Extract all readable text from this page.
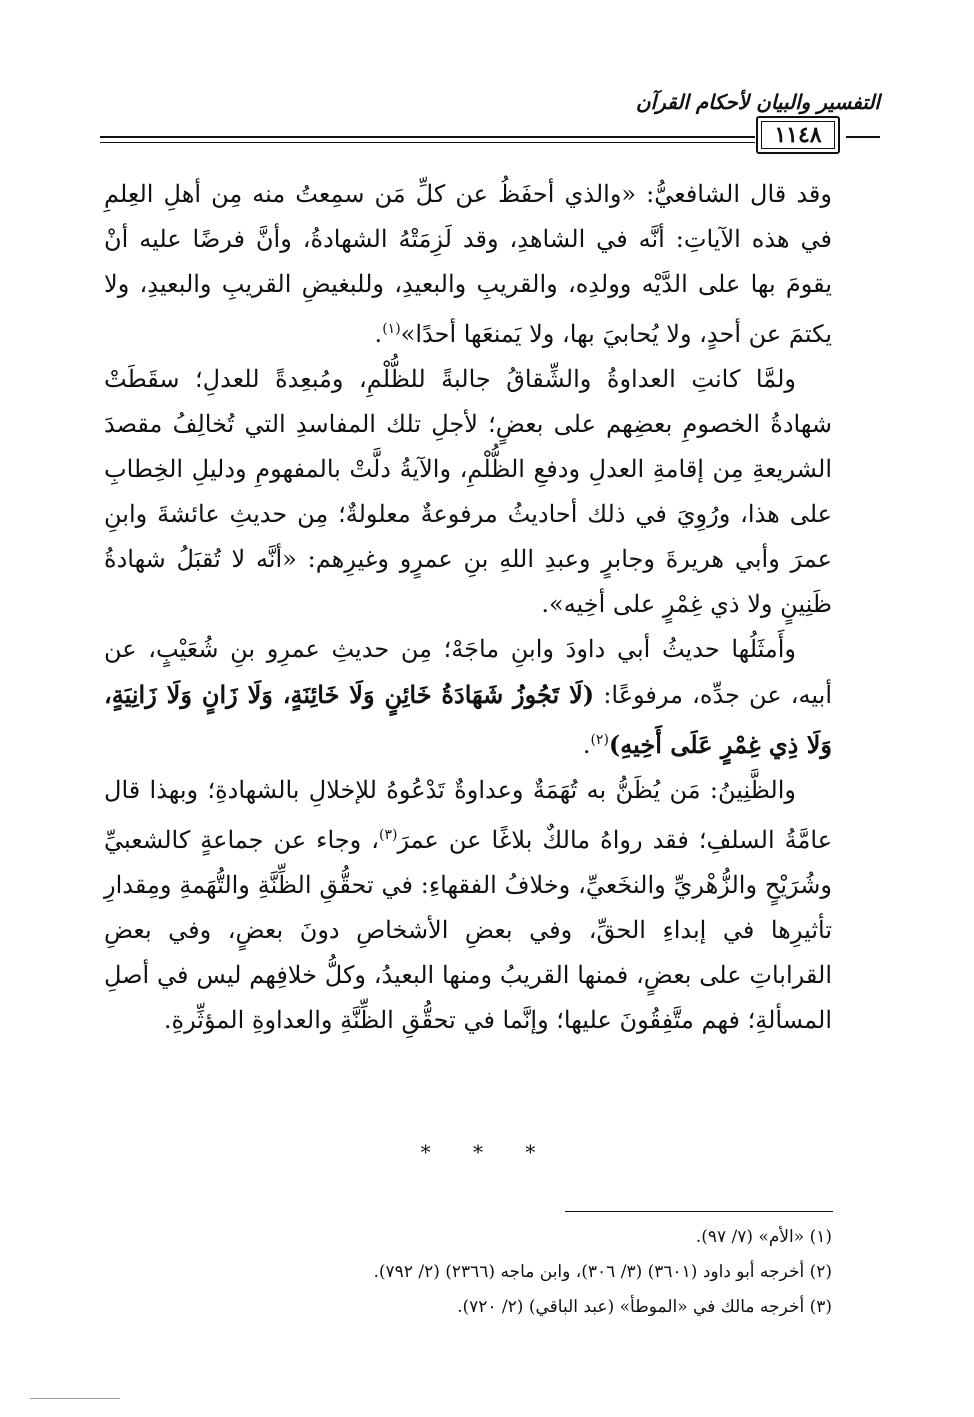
التفسير والبيان لأحكام القرآن
١١٤٨

وقد قال الشافعيُّ: «والذي أحفَظُ عن كلِّ مَن سمِعتُ منه مِن أهلِ العِلمِ في هذه الآياتِ: أنَّه في الشاهدِ، وقد لَزِمَتْهُ الشهادةُ، وأنَّ فرضًا عليه أنْ يقومَ بها على الدَّيْه وولدِه، والقريبِ والبعيدِ، وللبغيضِ القريبِ والبعيدِ، ولا يكتمَ عن أحدٍ، ولا يُحابيَ بها، ولا يَمنعَها أحدًا»$^{(١)}$.

ولمَّا كانتِ العداوةُ والشِّقاقُ جالبةً للظُّلْمِ، ومُبعِدةً للعدلِ؛ سقَطَتْ شهادةُ الخصومِ بعضِهم على بعضٍ؛ لأجلِ تلك المفاسدِ التي تُخالِفُ مقصدَ الشريعةِ مِن إقامةِ العدلِ ودفعِ الظُّلْمِ، والآيةُ دلَّتْ بالمفهومِ ودليلِ الخِطابِ على هذا، ورُوِيَ في ذلك أحاديثُ مرفوعةٌ معلولةٌ؛ مِن حديثِ عائشةَ وابنِ عمرَ وأبي هريرةَ وجابرٍ وعبدِ اللهِ بنِ عمرٍو وغيرِهم: «أنَّه لا تُقبَلُ شهادةُ ظَنِينٍ ولا ذي غِمْرٍ على أخِيه».

وأَمثَلُها حديثُ أبي داودَ وابنِ ماجَهْ؛ مِن حديثِ عمرِو بنِ شُعَيْبٍ، عن أبيه، عن جدِّه، مرفوعًا: (لَا تَجُوزُ شَهَادَةُ خَائِنٍ وَلَا خَائِنَةٍ، وَلَا زَانٍ وَلَا زَانِيَةٍ، وَلَا ذِي غِمْرٍ عَلَى أَخِيهِ)$^{(٢)}$.

والظَّنِينُ: مَن يُظَنُّ به تُهَمَةٌ وعداوةٌ تَدْعُوهُ للإخلالِ بالشهادةِ؛ وبهذا قال عامَّةُ السلفِ؛ فقد رواهُ مالكٌ بلاغًا عن عمرَ$^{(٣)}$، وجاء عن جماعةٍ كالشعبيِّ وشُرَيْحٍ والزُّهْريِّ والنخَعيِّ، وخلافُ الفقهاءِ: في تحقُّقِ الظِّنَّةِ والتُّهَمةِ ومِقدارِ تأثيرِها في إبداءِ الحقِّ، وفي بعضِ الأشخاصِ دونَ بعضٍ، وفي بعضِ القراباتِ على بعضٍ، فمنها القريبُ ومنها البعيدُ، وكلُّ خلافِهم ليس في أصلِ المسألةِ؛ فهم متَّفِقُونَ عليها؛ وإنَّما في تحقُّقِ الظِّنَّةِ والعداوةِ المؤثِّرةِ.

* * *

(١) «الأم» (٧/ ٩٧).

(٢) أخرجه أبو داود (٣٦٠١) (٣/ ٣٠٦)، وابن ماجه (٢٣٦٦) (٢/ ٧٩٢).

(٣) أخرجه مالك في «الموطأ» (عبد الباقي) (٢/ ٧٢٠).
